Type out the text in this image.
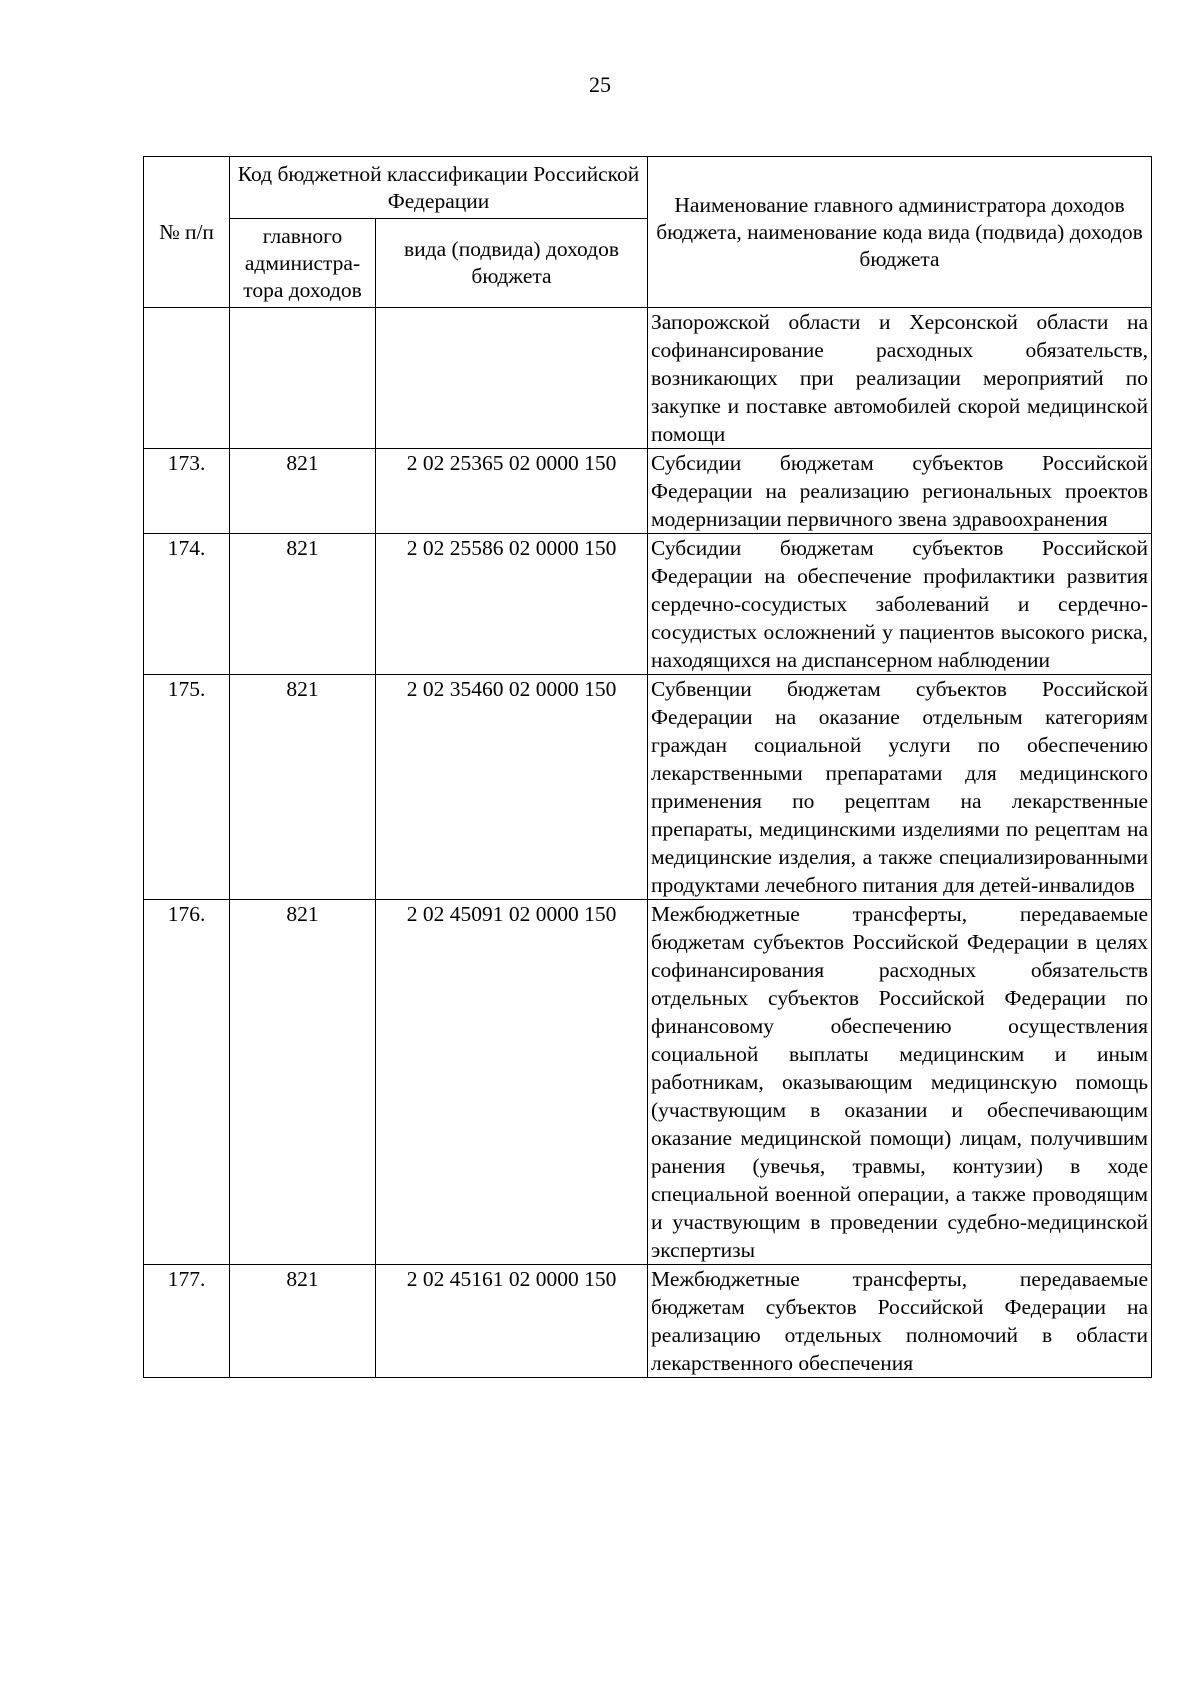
25
№ п/п	Код бюджетной классификации Российской Федерации		Наименование главного администратора доходов бюджета, наименование кода вида (подвида) доходов бюджета
	главного администра-тора доходов	вида (подвида) доходов бюджета	
			Запорожской области и Херсонской области на софинансирование расходных обязательств, возникающих при реализации мероприятий по закупке и поставке автомобилей скорой медицинской помощи
173.	821	2 02 25365 02 0000 150	Субсидии бюджетам субъектов Российской Федерации на реализацию региональных проектов модернизации первичного звена здравоохранения
174.	821	2 02 25586 02 0000 150	Субсидии бюджетам субъектов Российской Федерации на обеспечение профилактики развития сердечно-сосудистых заболеваний и сердечно-сосудистых осложнений у пациентов высокого риска, находящихся на диспансерном наблюдении
175.	821	2 02 35460 02 0000 150	Субвенции бюджетам субъектов Российской Федерации на оказание отдельным категориям граждан социальной услуги по обеспечению лекарственными препаратами для медицинского применения по рецептам на лекарственные препараты, медицинскими изделиями по рецептам на медицинские изделия, а также специализированными продуктами лечебного питания для детей-инвалидов
176.	821	2 02 45091 02 0000 150	Межбюджетные трансферты, передаваемые бюджетам субъектов Российской Федерации в целях софинансирования расходных обязательств отдельных субъектов Российской Федерации по финансовому обеспечению осуществления социальной выплаты медицинским и иным работникам, оказывающим медицинскую помощь (участвующим в оказании и обеспечивающим оказание медицинской помощи) лицам, получившим ранения (увечья, травмы, контузии) в ходе специальной военной операции, а также проводящим и участвующим в проведении судебно-медицинской экспертизы
177.	821	2 02 45161 02 0000 150	Межбюджетные трансферты, передаваемые бюджетам субъектов Российской Федерации на реализацию отдельных полномочий в области лекарственного обеспечения
